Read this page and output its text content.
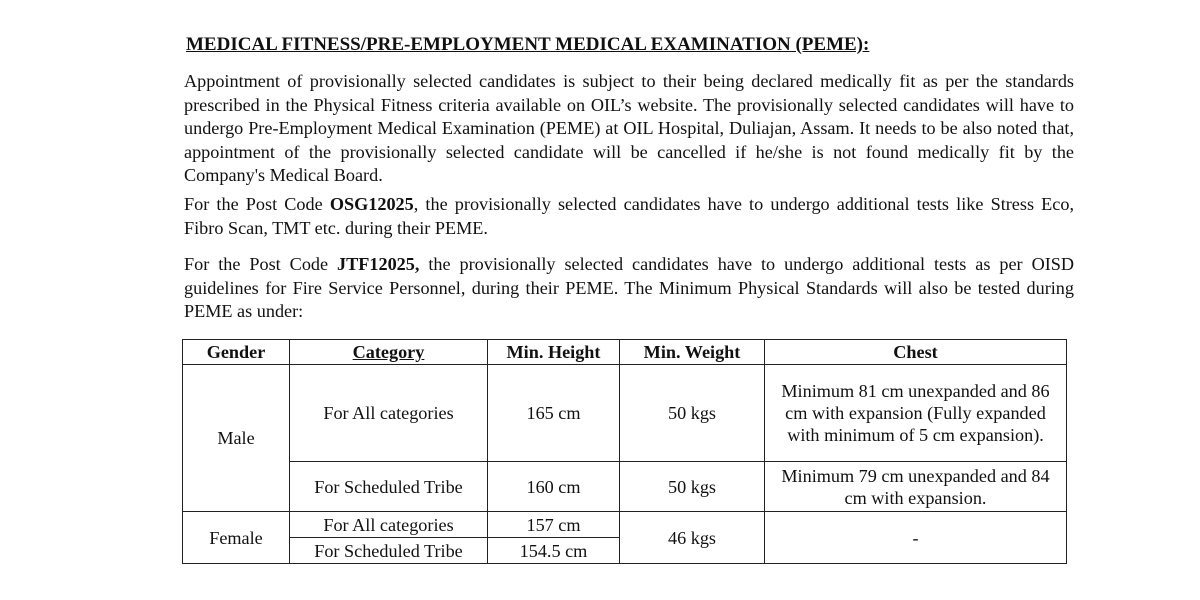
MEDICAL FITNESS/PRE-EMPLOYMENT MEDICAL EXAMINATION (PEME):
Appointment of provisionally selected candidates is subject to their being declared medically fit as per the standards prescribed in the Physical Fitness criteria available on OIL’s website. The provisionally selected candidates will have to undergo Pre-Employment Medical Examination (PEME) at OIL Hospital, Duliajan, Assam. It needs to be also noted that, appointment of the provisionally selected candidate will be cancelled if he/she is not found medically fit by the Company's Medical Board.
For the Post Code OSG12025, the provisionally selected candidates have to undergo additional tests like Stress Eco, Fibro Scan, TMT etc. during their PEME.
For the Post Code JTF12025, the provisionally selected candidates have to undergo additional tests as per OISD guidelines for Fire Service Personnel, during their PEME. The Minimum Physical Standards will also be tested during PEME as under:
Gender	Category	Min. Height	Min. Weight	Chest
Male	For All categories	165 cm	50 kgs	Minimum 81 cm unexpanded and 86 cm with expansion (Fully expanded with minimum of 5 cm expansion).
	For Scheduled Tribe	160 cm	50 kgs	Minimum 79 cm unexpanded and 84 cm with expansion.
Female	For All categories	157 cm	46 kgs	-
	For Scheduled Tribe	154.5 cm		
